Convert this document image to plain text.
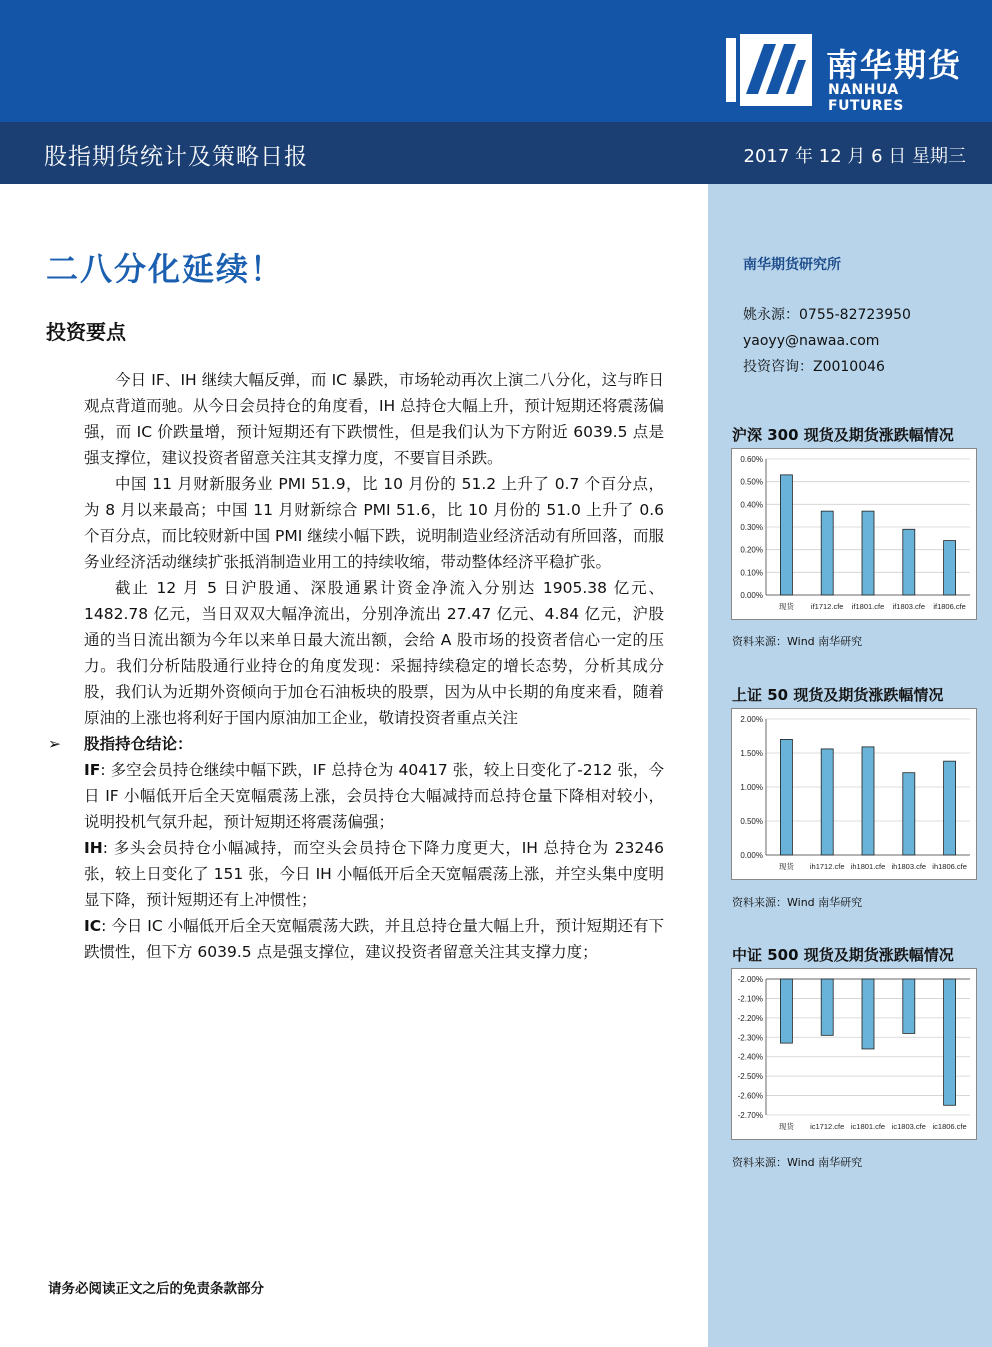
南华期货
NANHUA FUTURES
股指期货统计及策略日报	2017 年 12 月 6 日 星期三
南华期货研究所
姚永源：0755-82723950
yaoyy@nawaa.com
投资咨询：Z0010046
沪深 300 现货及期货涨跌幅情况
0.00%
0.10%
0.20%
0.30%
0.40%
0.50%
0.60%
现货 if1712.cfe if1801.cfe if1803.cfe if1806.cfe
资料来源：Wind 南华研究
上证 50 现货及期货涨跌幅情况
0.00%
0.50%
1.00%
1.50%
2.00%
现货 ih1712.cfe ih1801.cfe ih1803.cfe ih1806.cfe
资料来源：Wind 南华研究
中证 500 现货及期货涨跌幅情况
-2.00%
-2.10%
-2.20%
-2.30%
-2.40%
-2.50%
-2.60%
-2.70%
现货 ic1712.cfe ic1801.cfe ic1803.cfe ic1806.cfe
资料来源：Wind 南华研究
二八分化延续！
投资要点

今日 IF、IH 继续大幅反弹，而 IC 暴跌，市场轮动再次上演二八分化，这与昨日观点背道而驰。从今日会员持仓的角度看，IH 总持仓大幅上升，预计短期还将震荡偏强，而 IC 价跌量增，预计短期还有下跌惯性，但是我们认为下方附近 6039.5 点是强支撑位，建议投资者留意关注其支撑力度，不要盲目杀跌。

中国 11 月财新服务业 PMI 51.9，比 10 月份的 51.2 上升了 0.7 个百分点，为 8 月以来最高；中国 11 月财新综合 PMI 51.6，比 10 月份的 51.0 上升了 0.6 个百分点，而比较财新中国 PMI 继续小幅下跌，说明制造业经济活动有所回落，而服务业经济活动继续扩张抵消制造业用工的持续收缩，带动整体经济平稳扩张。

截止 12 月 5 日沪股通、深股通累计资金净流入分别达 1905.38 亿元、1482.78 亿元，当日双双大幅净流出，分别净流出 27.47 亿元、4.84 亿元，沪股通的当日流出额为今年以来单日最大流出额，会给 A 股市场的投资者信心一定的压力。我们分析陆股通行业持仓的角度发现：采掘持续稳定的增长态势，分析其成分股，我们认为近期外资倾向于加仓石油板块的股票，因为从中长期的角度来看，随着原油的上涨也将利好于国内原油加工企业，敬请投资者重点关注

➢ 股指持仓结论：

IF: 多空会员持仓继续中幅下跌，IF 总持仓为 40417 张，较上日变化了-212 张，今日 IF 小幅低开后全天宽幅震荡上涨，会员持仓大幅减持而总持仓量下降相对较小，说明投机气氛升起，预计短期还将震荡偏强；

IH: 多头会员持仓小幅减持，而空头会员持仓下降力度更大，IH 总持仓为 23246 张，较上日变化了 151 张，今日 IH 小幅低开后全天宽幅震荡上涨，并空头集中度明显下降，预计短期还有上冲惯性；

IC: 今日 IC 小幅低开后全天宽幅震荡大跌，并且总持仓量大幅上升，预计短期还有下跌惯性，但下方 6039.5 点是强支撑位，建议投资者留意关注其支撑力度；

请务必阅读正文之后的免责条款部分
